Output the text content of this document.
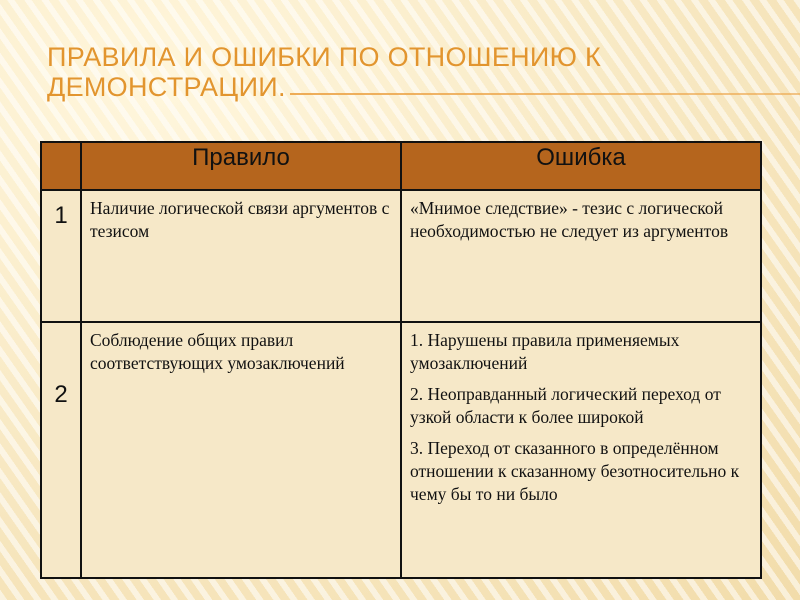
ПРАВИЛА И ОШИБКИ ПО ОТНОШЕНИЮ К ДЕМОНСТРАЦИИ.
	Правило	Ошибка
1	Наличие логической связи аргументов с тезисом	«Мнимое следствие» - тезис с логической необходимостью не следует из аргументов

2	Соблюдение общих правил соответствующих умозаключений	1. Нарушены правила применяемых умозаключений
2. Неоправданный логический переход от узкой области к более широкой
3. Переход от сказанного в определённом отношении к сказанному безотносительно к чему бы то ни было
